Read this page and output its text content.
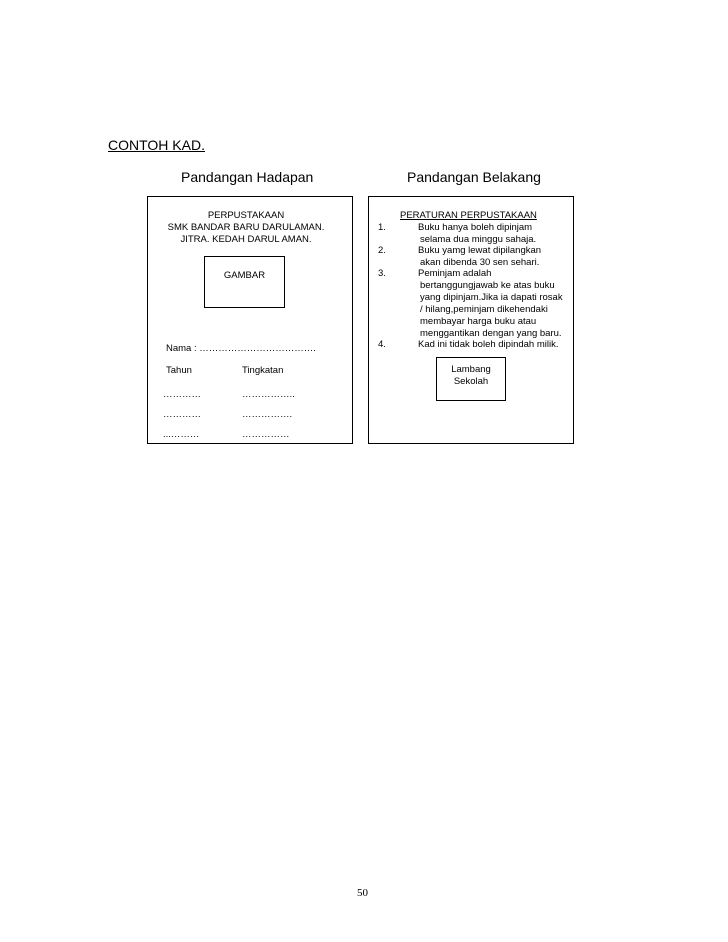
CONTOH KAD.
Pandangan Hadapan	Pandangan Belakang
PERPUSTAKAAN
SMK BANDAR BARU DARULAMAN.
JITRA. KEDAH DARUL AMAN.
GAMBAR
Nama : ……………………………….
Tahun	Tingkatan
…………	……………..
…………	…………….
...………	……………
PERATURAN PERPUSTAKAAN
1.	Buku hanya boleh dipinjam
selama dua minggu sahaja.
2.	Buku yamg lewat dipilangkan
akan dibenda 30 sen sehari.
3.	Peminjam adalah
bertanggungjawab ke atas buku
yang dipinjam.Jika ia dapati rosak
/ hilang,peminjam dikehendaki
membayar harga buku atau
menggantikan dengan yang baru.
4.	Kad ini tidak boleh dipindah milik.
Lambang
Sekolah
50
